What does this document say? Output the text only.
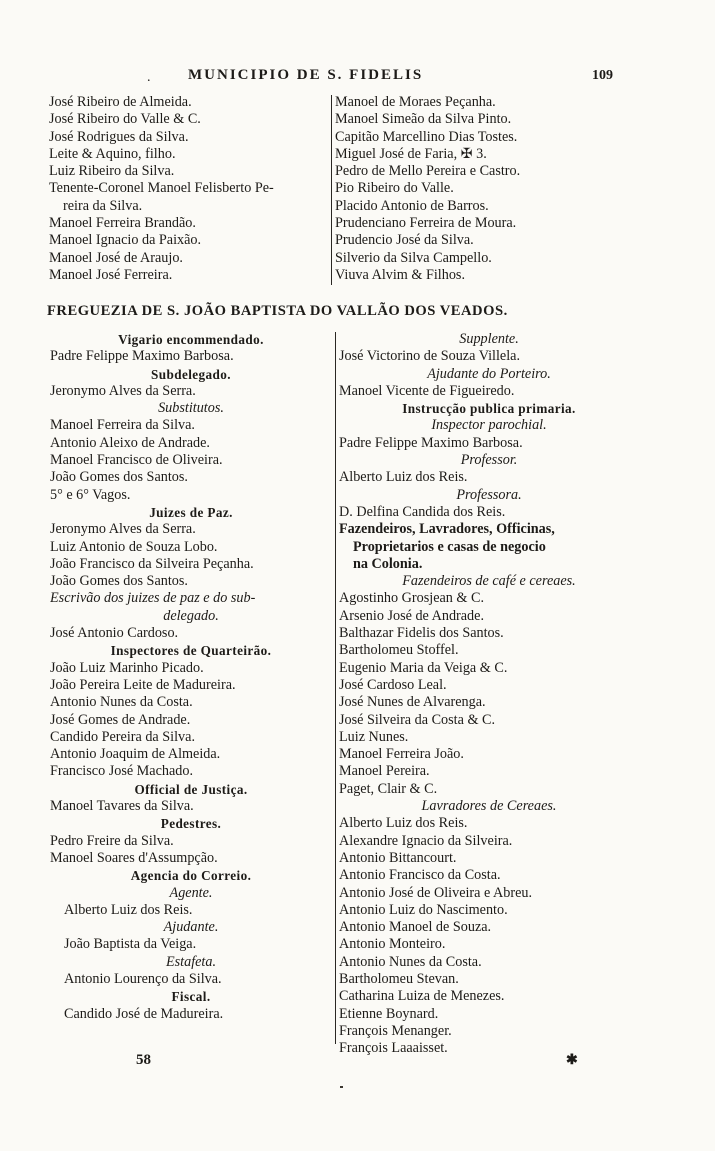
.	MUNICIPIO DE S. FIDELIS	109
José Ribeiro de Almeida.
José Ribeiro do Valle & C.
José Rodrigues da Silva.
Leite & Aquino, filho.
Luiz Ribeiro da Silva.
Tenente-Coronel Manoel Felisberto Pe-
reira da Silva.
Manoel Ferreira Brandão.
Manoel Ignacio da Paixão.
Manoel José de Araujo.
Manoel José Ferreira.
Manoel de Moraes Peçanha.
Manoel Simeão da Silva Pinto.
Capitão Marcellino Dias Tostes.
Miguel José de Faria, ✠ 3.
Pedro de Mello Pereira e Castro.
Pio Ribeiro do Valle.
Placido Antonio de Barros.
Prudenciano Ferreira de Moura.
Prudencio José da Silva.
Silverio da Silva Campello.
Viuva Alvim & Filhos.
FREGUEZIA DE S. JOÃO BAPTISTA DO VALLÃO DOS VEADOS.
Vigario encommendado.
Padre Felippe Maximo Barbosa.
Subdelegado.
Jeronymo Alves da Serra.
Substitutos.
Manoel Ferreira da Silva.
Antonio Aleixo de Andrade.
Manoel Francisco de Oliveira.
João Gomes dos Santos.
5° e 6° Vagos.
Juizes de Paz.
Jeronymo Alves da Serra.
Luiz Antonio de Souza Lobo.
João Francisco da Silveira Peçanha.
João Gomes dos Santos.
Escrivão dos juizes de paz e do sub-
delegado.
José Antonio Cardoso.
Inspectores de Quarteirão.
João Luiz Marinho Picado.
João Pereira Leite de Madureira.
Antonio Nunes da Costa.
José Gomes de Andrade.
Candido Pereira da Silva.
Antonio Joaquim de Almeida.
Francisco José Machado.
Official de Justiça.
Manoel Tavares da Silva.
Pedestres.
Pedro Freire da Silva.
Manoel Soares d'Assumpção.
Agencia do Correio.
Agente.
Alberto Luiz dos Reis.
Ajudante.
João Baptista da Veiga.
Estafeta.
Antonio Lourenço da Silva.
Fiscal.
Candido José de Madureira.
Supplente.
José Victorino de Souza Villela.
Ajudante do Porteiro.
Manoel Vicente de Figueiredo.
Instrucção publica primaria.
Inspector parochial.
Padre Felippe Maximo Barbosa.
Professor.
Alberto Luiz dos Reis.
Professora.
D. Delfina Candida dos Reis.
Fazendeiros, Lavradores, Officinas,
Proprietarios e casas de negocio
na Colonia.
Fazendeiros de café e cereaes.
Agostinho Grosjean & C.
Arsenio José de Andrade.
Balthazar Fidelis dos Santos.
Bartholomeu Stoffel.
Eugenio Maria da Veiga & C.
José Cardoso Leal.
José Nunes de Alvarenga.
José Silveira da Costa & C.
Luiz Nunes.
Manoel Ferreira João.
Manoel Pereira.
Paget, Clair & C.
Lavradores de Cereaes.
Alberto Luiz dos Reis.
Alexandre Ignacio da Silveira.
Antonio Bittancourt.
Antonio Francisco da Costa.
Antonio José de Oliveira e Abreu.
Antonio Luiz do Nascimento.
Antonio Manoel de Souza.
Antonio Monteiro.
Antonio Nunes da Costa.
Bartholomeu Stevan.
Catharina Luiza de Menezes.
Etienne Boynard.
François Menanger.
François Laaaisset.
58	✱
